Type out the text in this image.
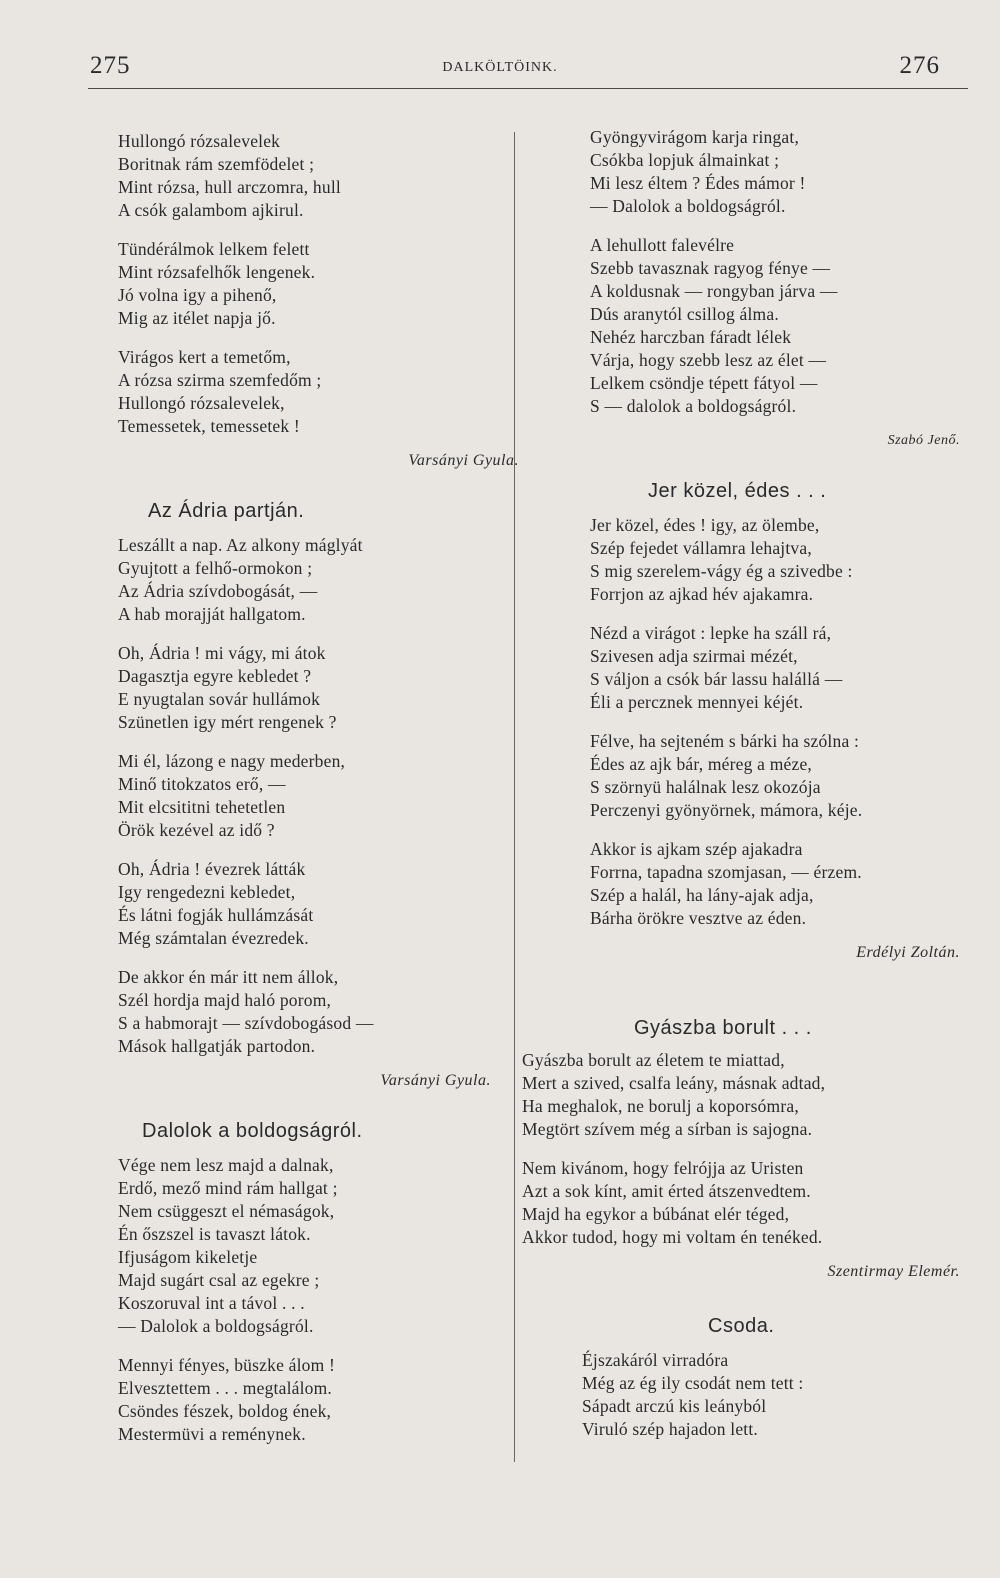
275	DALKÖLTÖINK.	276
Hullongó rózsalevelek
Boritnak rám szemfödelet ;
Mint rózsa, hull arczomra, hull
A csók galambom ajkirul.
Tündérálmok lelkem felett
Mint rózsafelhők lengenek.
Jó volna igy a pihenő,
Mig az itélet napja jő.
Virágos kert a temetőm,
A rózsa szirma szemfedőm ;
Hullongó rózsalevelek,
Temessetek, temessetek !
Varsányi Gyula.
Az Ádria partján.
Leszállt a nap. Az alkony máglyát
Gyujtott a felhő-ormokon ;
Az Ádria szívdobogását, —
A hab morajját hallgatom.
Oh, Ádria ! mi vágy, mi átok
Dagasztja egyre kebledet ?
E nyugtalan sovár hullámok
Szünetlen igy mért rengenek ?
Mi él, lázong e nagy mederben,
Minő titokzatos erő, —
Mit elcsititni tehetetlen
Örök kezével az idő ?
Oh, Ádria ! évezrek látták
Igy rengedezni kebledet,
És látni fogják hullámzását
Még számtalan évezredek.
De akkor én már itt nem állok,
Szél hordja majd haló porom,
S a habmorajt — szívdobogásod —
Mások hallgatják partodon.
Varsányi Gyula.
Dalolok a boldogságról.
Vége nem lesz majd a dalnak,
Erdő, mező mind rám hallgat ;
Nem csüggeszt el némaságok,
Én őszszel is tavaszt látok.
Ifjuságom kikeletje
Majd sugárt csal az egekre ;
Koszoruval int a távol . . .
— Dalolok a boldogságról.
Mennyi fényes, büszke álom !
Elvesztettem . . . megtalálom.
Csöndes fészek, boldog ének,
Mestermüvi a reménynek.
Gyöngyvirágom karja ringat,
Csókba lopjuk álmainkat ;
Mi lesz éltem ? Édes mámor !
— Dalolok a boldogságról.
A lehullott falevélre
Szebb tavasznak ragyog fénye —
A koldusnak — rongyban járva —
Dús aranytól csillog álma.
Nehéz harczban fáradt lélek
Várja, hogy szebb lesz az élet —
Lelkem csöndje tépett fátyol —
S — dalolok a boldogságról.
Szabó Jenő.
Jer közel, édes . . .
Jer közel, édes ! igy, az ölembe,
Szép fejedet vállamra lehajtva,
S mig szerelem-vágy ég a szivedbe :
Forrjon az ajkad hév ajakamra.
Nézd a virágot : lepke ha száll rá,
Szivesen adja szirmai mézét,
S váljon a csók bár lassu halállá —
Éli a percznek mennyei kéjét.
Félve, ha sejteném s bárki ha szólna :
Édes az ajk bár, méreg a méze,
S szörnyü halálnak lesz okozója
Perczenyi gyönyörnek, mámora, kéje.
Akkor is ajkam szép ajakadra
Forrna, tapadna szomjasan, — érzem.
Szép a halál, ha lány-ajak adja,
Bárha örökre vesztve az éden.
Erdélyi Zoltán.
Gyászba borult . . .
Gyászba borult az életem te miattad,
Mert a szived, csalfa leány, másnak adtad,
Ha meghalok, ne borulj a koporsómra,
Megtört szívem még a sírban is sajogna.
Nem kivánom, hogy felrójja az Uristen
Azt a sok kínt, amit érted átszenvedtem.
Majd ha egykor a búbánat elér téged,
Akkor tudod, hogy mi voltam én tenéked.
Szentirmay Elemér.
Csoda.
Éjszakáról virradóra
Még az ég ily csodát nem tett :
Sápadt arczú kis leányból
Viruló szép hajadon lett.
